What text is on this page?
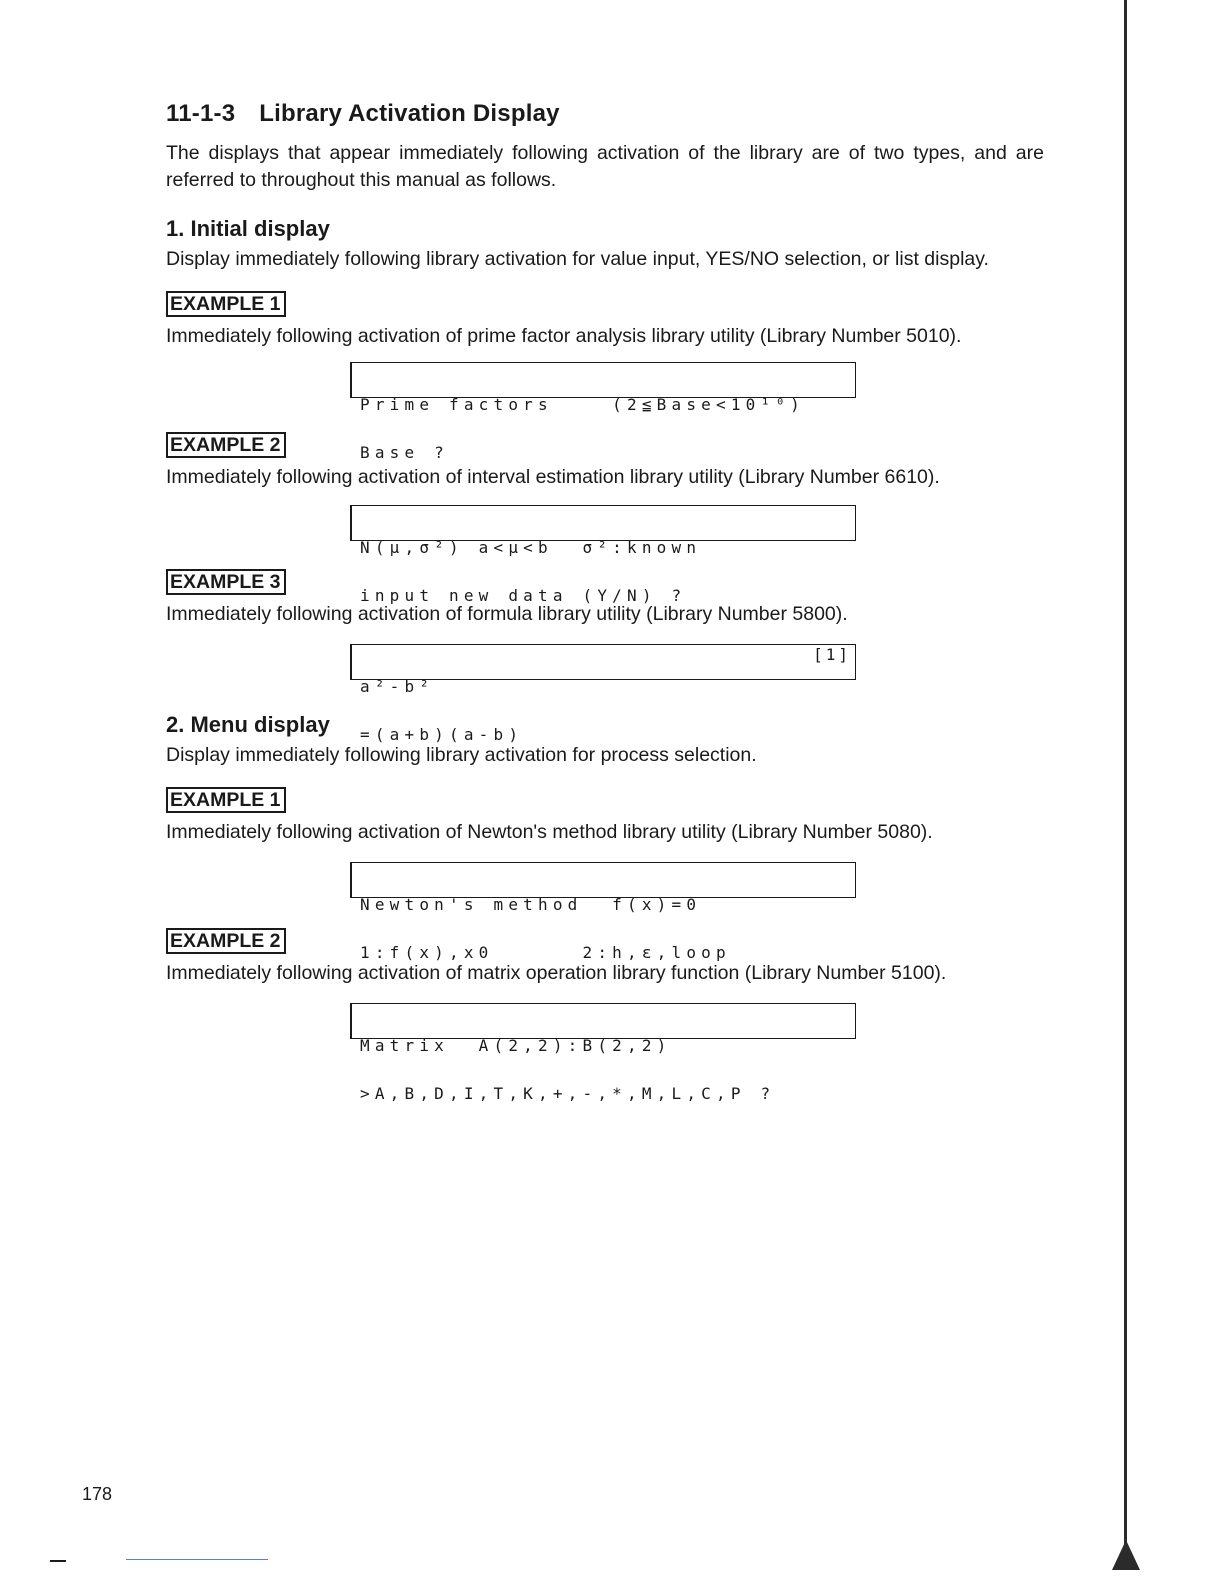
11-1-3 Library Activation Display

The displays that appear immediately following activation of the library are of two types, and are referred to throughout this manual as follows.

1. Initial display

Display immediately following library activation for value input, YES/NO selection, or list display.

EXAMPLE 1

Immediately following activation of prime factor analysis library utility (Library Number 5010).

Prime factors    (2≦Base<10¹⁰)

Base ?_

EXAMPLE 2

Immediately following activation of interval estimation library utility (Library Number 6610).

N(μ,σ²) a<μ<b  σ²:known

input new data (Y/N) ?

EXAMPLE 3

Immediately following activation of formula library utility (Library Number 5800).

a²-b²

=(a+b)(a-b)

[1]

2. Menu display

Display immediately following library activation for process selection.

EXAMPLE 1

Immediately following activation of Newton's method library utility (Library Number 5080).

Newton's method  f(x)=0

1:f(x),x0      2:h,ε,loop

EXAMPLE 2

Immediately following activation of matrix operation library function (Library Number 5100).

Matrix  A(2,2):B(2,2)

>A,B,D,I,T,K,+,-,*,M,L,C,P ?_

178
